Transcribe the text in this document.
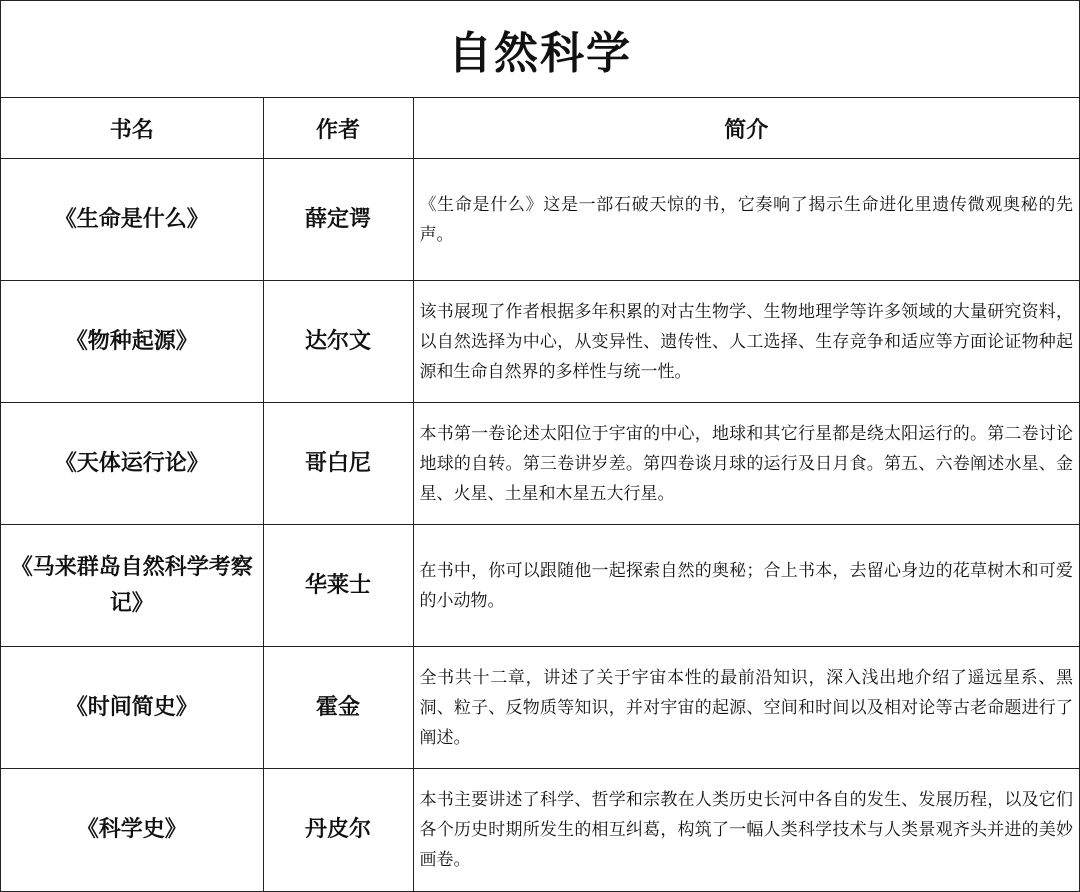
自然科学
书名	作者	简介
《生命是什么》	薛定谔	《生命是什么》这是一部石破天惊的书，它奏响了揭示生命进化里遗传微观奥秘的先声。
《物种起源》	达尔文	该书展现了作者根据多年积累的对古生物学、生物地理学等许多领域的大量研究资料，以自然选择为中心，从变异性、遗传性、人工选择、生存竞争和适应等方面论证物种起源和生命自然界的多样性与统一性。
《天体运行论》	哥白尼	本书第一卷论述太阳位于宇宙的中心，地球和其它行星都是绕太阳运行的。第二卷讨论地球的自转。第三卷讲岁差。第四卷谈月球的运行及日月食。第五、六卷阐述水星、金星、火星、土星和木星五大行星。
《马来群岛自然科学考察记》	华莱士	在书中，你可以跟随他一起探索自然的奥秘；合上书本，去留心身边的花草树木和可爱的小动物。
《时间简史》	霍金	全书共十二章，讲述了关于宇宙本性的最前沿知识，深入浅出地介绍了遥远星系、黑洞、粒子、反物质等知识，并对宇宙的起源、空间和时间以及相对论等古老命题进行了阐述。
《科学史》	丹皮尔	本书主要讲述了科学、哲学和宗教在人类历史长河中各自的发生、发展历程，以及它们各个历史时期所发生的相互纠葛，构筑了一幅人类科学技术与人类景观齐头并进的美妙画卷。
